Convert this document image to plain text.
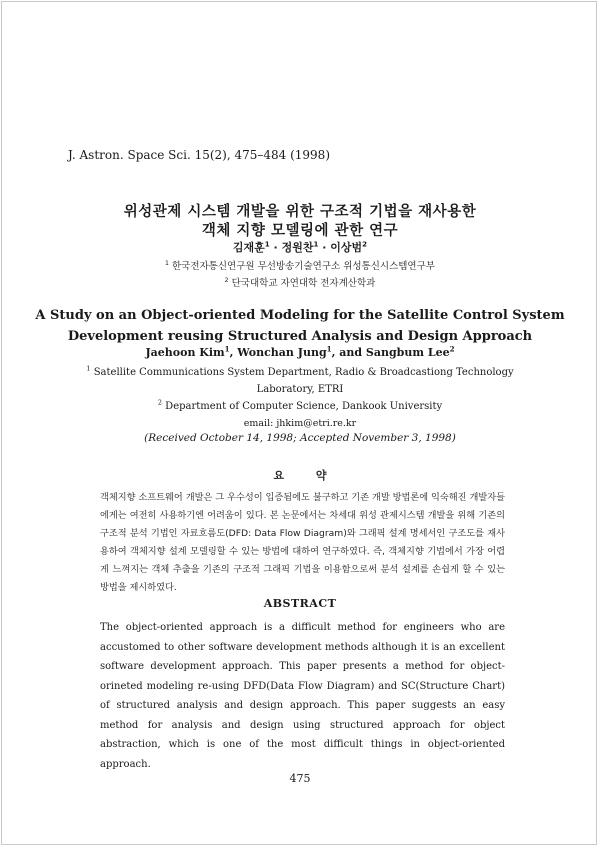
J. Astron. Space Sci. 15(2), 475–484 (1998)
위성관제 시스템 개발을 위한 구조적 기법을 재사용한
객체 지향 모델링에 관한 연구
김재훈$^1$ · 정원찬$^1$ · 이상범$^2$
$^1$ 한국전자통신연구원 무선방송기술연구소 위성통신시스템연구부
$^2$ 단국대학교 자연대학 전자계산학과
A Study on an Object-oriented Modeling for the Satellite Control System
Development reusing Structured Analysis and Design Approach
Jaehoon Kim$^1$, Wonchan Jung$^1$, and Sangbum Lee$^2$
$^1$ Satellite Communications System Department, Radio & Broadcastiong Technology
Laboratory, ETRI
$^2$ Department of Computer Science, Dankook University
email: jhkim@etri.re.kr
(Received October 14, 1998; Accepted November 3, 1998)
요 약
객체지향 소프트웨어 개발은 그 우수성이 입증됨에도 불구하고 기존 개발 방법론에 익숙해진 개발자들에게는 여전히 사용하기엔 어려움이 있다. 본 논문에서는 차세대 위성 관제시스템 개발을 위해 기존의 구조적 분석 기법인 자료흐름도(DFD: Data Flow Diagram)와 그래픽 설계 명세서인 구조도를 재사용하여 객체지향 설계 모델링할 수 있는 방법에 대하여 연구하였다. 즉, 객체지향 기법에서 가장 어렵게 느껴지는 객체 추출을 기존의 구조적 그래픽 기법을 이용함으로써 분석 설계를 손쉽게 할 수 있는 방법을 제시하였다.
ABSTRACT
The object-oriented approach is a difficult method for engineers who are accustomed to other software development methods although it is an excellent software development approach. This paper presents a method for object-orineted modeling re-using DFD(Data Flow Diagram) and SC(Structure Chart) of structured analysis and design approach. This paper suggests an easy method for analysis and design using structured approach for object abstraction, which is one of the most difficult things in object-oriented approach.
475
